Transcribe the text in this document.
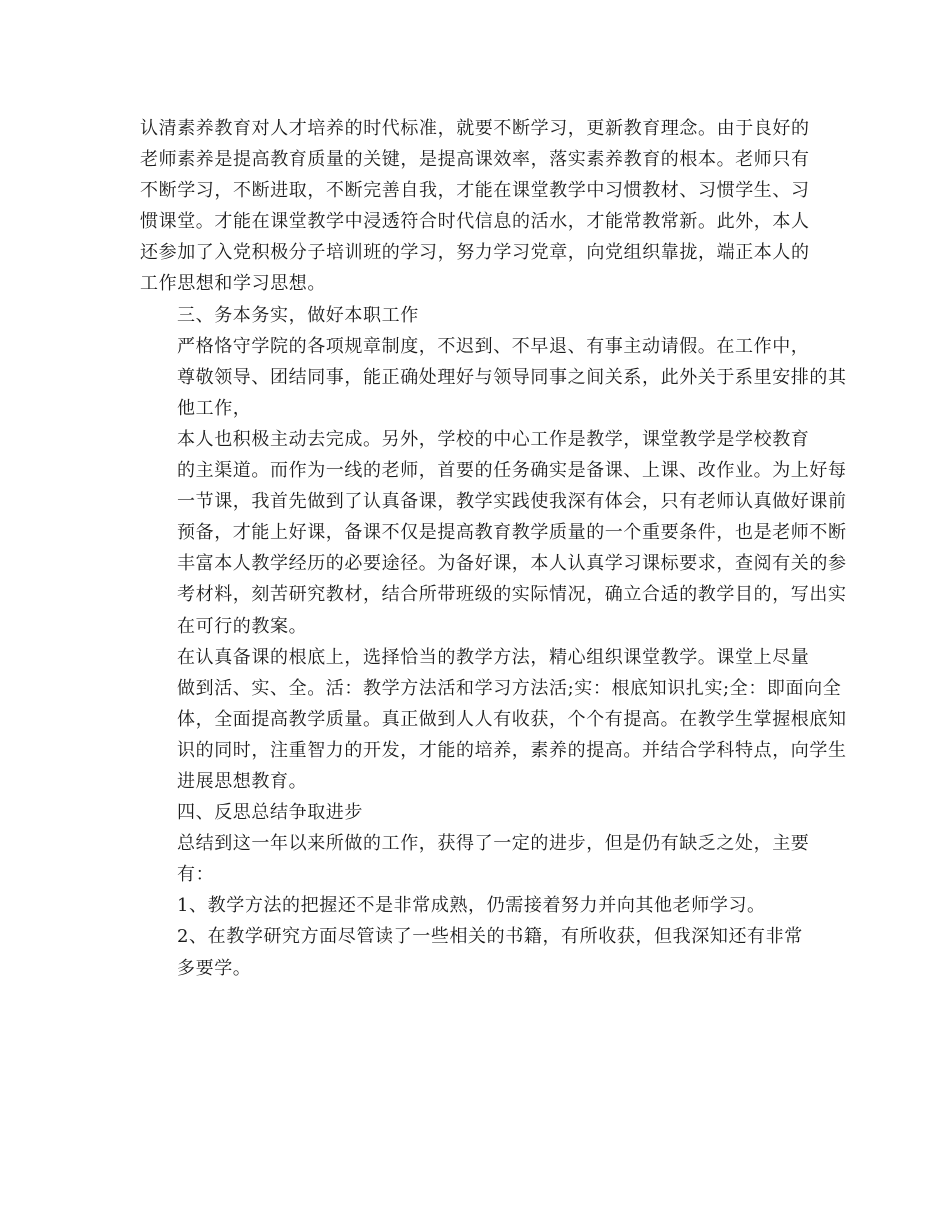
认清素养教育对人才培养的时代标准，就要不断学习，更新教育理念。由于良好的
老师素养是提高教育质量的关键，是提高课效率，落实素养教育的根本。老师只有
不断学习，不断进取，不断完善自我，才能在课堂教学中习惯教材、习惯学生、习
惯课堂。才能在课堂教学中浸透符合时代信息的活水，才能常教常新。此外，本人
还参加了入党积极分子培训班的学习，努力学习党章，向党组织靠拢，端正本人的
工作思想和学习思想。

三、务本务实，做好本职工作

严格恪守学院的各项规章制度，不迟到、不早退、有事主动请假。在工作中，
尊敬领导、团结同事，能正确处理好与领导同事之间关系，此外关于系里安排的其
他工作，

本人也积极主动去完成。另外，学校的中心工作是教学，课堂教学是学校教育
的主渠道。而作为一线的老师，首要的任务确实是备课、上课、改作业。为上好每
一节课，我首先做到了认真备课，教学实践使我深有体会，只有老师认真做好课前
预备，才能上好课，备课不仅是提高教育教学质量的一个重要条件，也是老师不断
丰富本人教学经历的必要途径。为备好课，本人认真学习课标要求，查阅有关的参
考材料，刻苦研究教材，结合所带班级的实际情况，确立合适的教学目的，写出实
在可行的教案。

在认真备课的根底上，选择恰当的教学方法，精心组织课堂教学。课堂上尽量
做到活、实、全。活：教学方法活和学习方法活;实：根底知识扎实;全：即面向全
体，全面提高教学质量。真正做到人人有收获，个个有提高。在教学生掌握根底知
识的同时，注重智力的开发，才能的培养，素养的提高。并结合学科特点，向学生
进展思想教育。

四、反思总结争取进步

总结到这一年以来所做的工作，获得了一定的进步，但是仍有缺乏之处，主要
有：

1、教学方法的把握还不是非常成熟，仍需接着努力并向其他老师学习。

2、在教学研究方面尽管读了一些相关的书籍，有所收获，但我深知还有非常
多要学。
